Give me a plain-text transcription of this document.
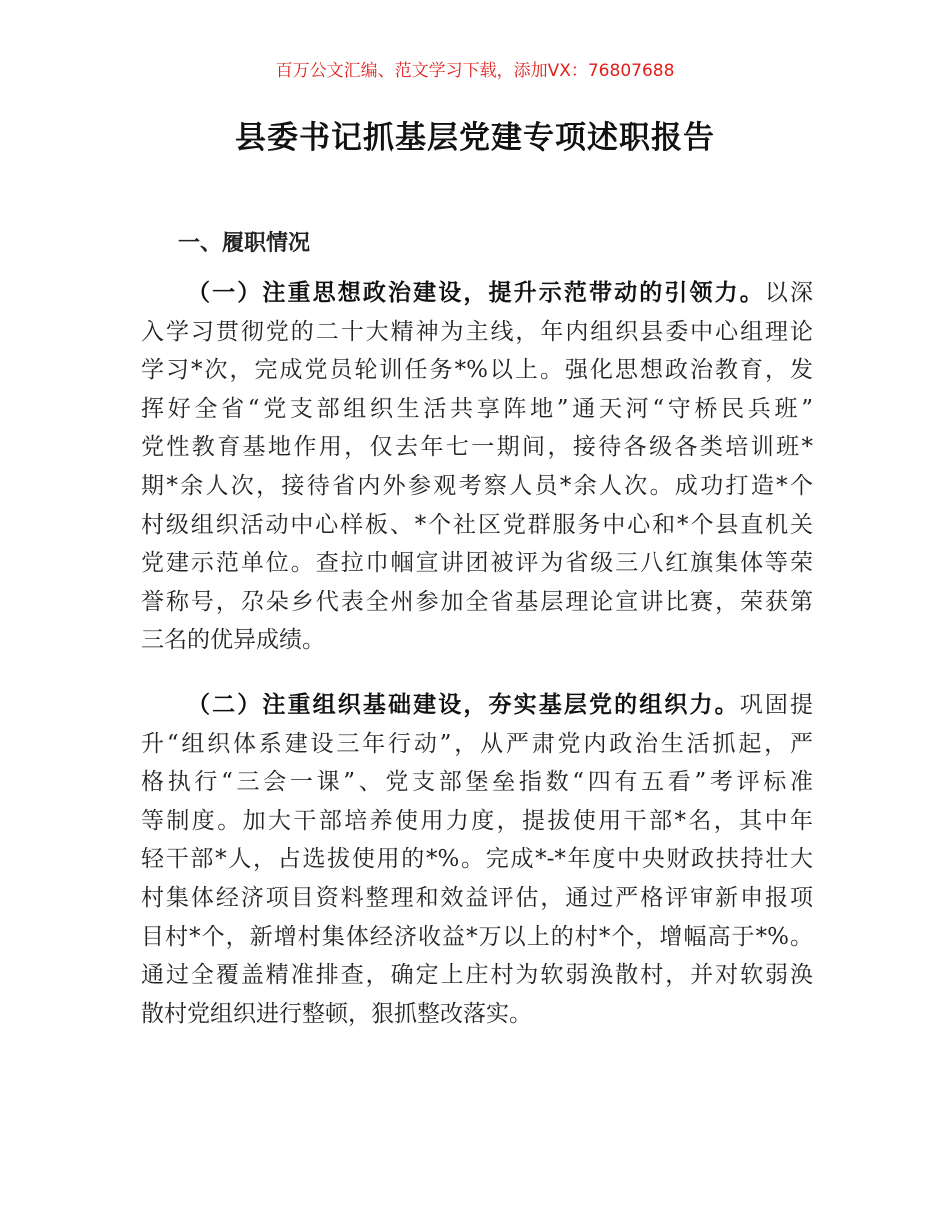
百万公文汇编、范文学习下载，添加VX：76807688
县委书记抓基层党建专项述职报告
一、履职情况
（一）注重思想政治建设，提升示范带动的引领力。以深
入学习贯彻党的二十大精神为主线，年内组织县委中心组理论
学习*次，完成党员轮训任务*%以上。强化思想政治教育，发
挥好全省“党支部组织生活共享阵地”通天河“守桥民兵班”
党性教育基地作用，仅去年七一期间，接待各级各类培训班*
期*余人次，接待省内外参观考察人员*余人次。成功打造*个
村级组织活动中心样板、*个社区党群服务中心和*个县直机关
党建示范单位。查拉巾帼宣讲团被评为省级三八红旗集体等荣
誉称号，尕朵乡代表全州参加全省基层理论宣讲比赛，荣获第
三名的优异成绩。
（二）注重组织基础建设，夯实基层党的组织力。巩固提
升“组织体系建设三年行动”，从严肃党内政治生活抓起，严
格执行“三会一课”、党支部堡垒指数“四有五看”考评标准
等制度。加大干部培养使用力度，提拔使用干部*名，其中年
轻干部*人，占选拔使用的*%。完成*-*年度中央财政扶持壮大
村集体经济项目资料整理和效益评估，通过严格评审新申报项
目村*个，新增村集体经济收益*万以上的村*个，增幅高于*%。
通过全覆盖精准排查，确定上庄村为软弱涣散村，并对软弱涣
散村党组织进行整顿，狠抓整改落实。
